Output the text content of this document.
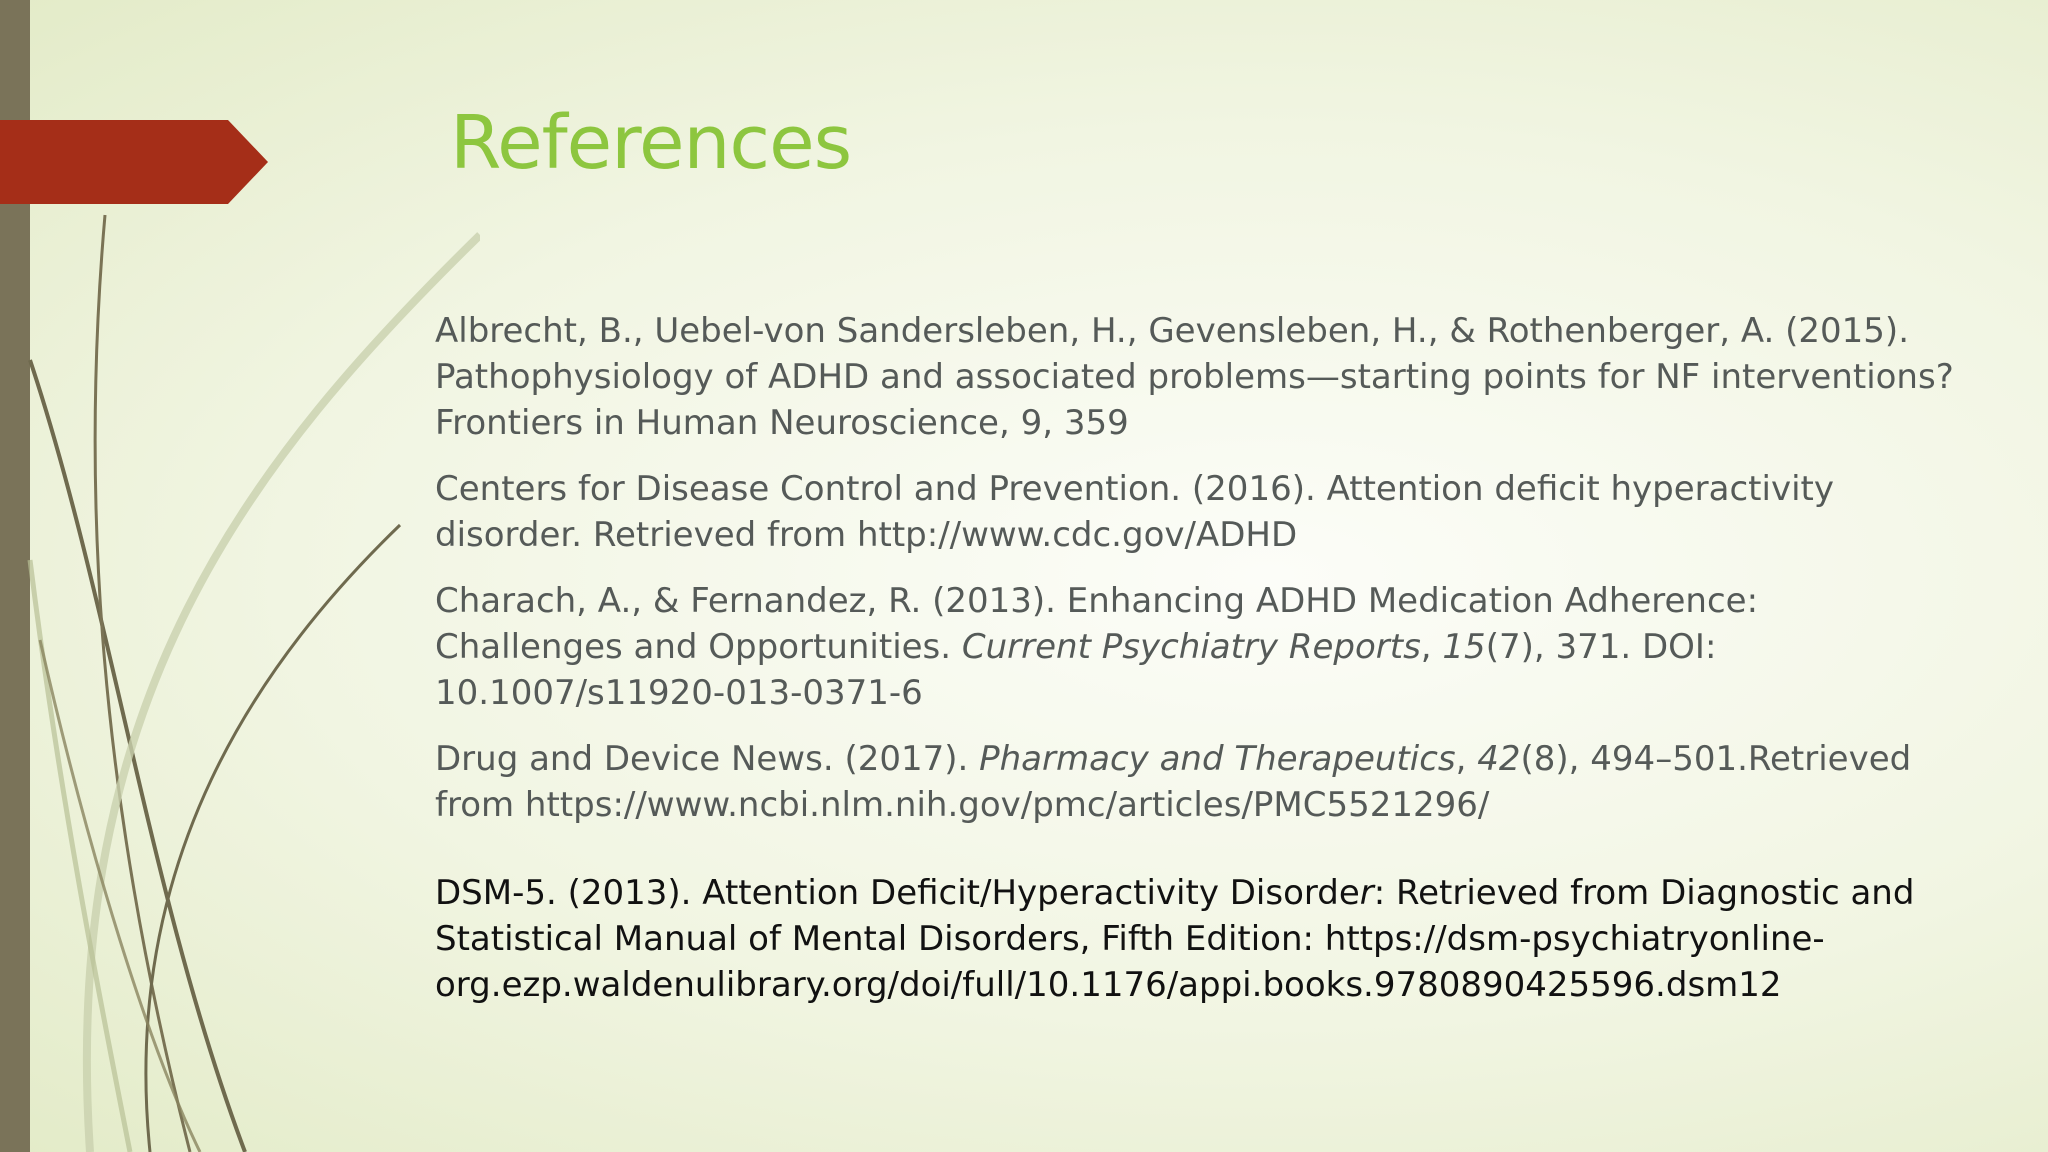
References

Albrecht, B., Uebel-von Sandersleben, H., Gevensleben, H., & Rothenberger, A. (2015). Pathophysiology of ADHD and associated problems—starting points for NF interventions? Frontiers in Human Neuroscience, 9, 359

Centers for Disease Control and Prevention. (2016). Attention deficit hyperactivity disorder. Retrieved from http://www.cdc.gov/ADHD

Charach, A., & Fernandez, R. (2013). Enhancing ADHD Medication Adherence: Challenges and Opportunities. Current Psychiatry Reports, 15(7), 371. DOI: 10.1007/s11920-013-0371-6

Drug and Device News. (2017). Pharmacy and Therapeutics, 42(8), 494–501.Retrieved from https://www.ncbi.nlm.nih.gov/pmc/articles/PMC5521296/

DSM-5. (2013). Attention Deficit/Hyperactivity Disorder: Retrieved from Diagnostic and Statistical Manual of Mental Disorders, Fifth Edition: https://dsm-psychiatryonline-org.ezp.waldenulibrary.org/doi/full/10.1176/appi.books.9780890425596.dsm12
